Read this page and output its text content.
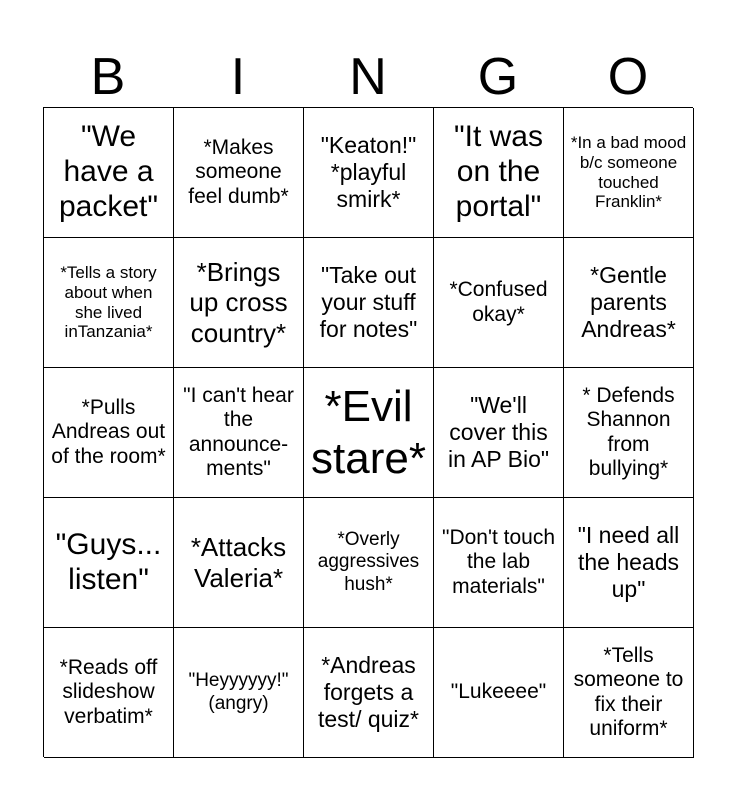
B	I	N	G	O
"We have a packet"
*Makes someone feel dumb*
"Keaton!" *playful smirk*
"It was on the portal"
*In a bad mood b/c someone touched Franklin*
*Tells a story about when she lived inTanzania*
*Brings up cross country*
"Take out your stuff for notes"
*Confused okay*
*Gentle parents Andreas*
*Pulls Andreas out of the room*
"I can't hear the announce-ments"
*Evil stare*
"We'll cover this in AP Bio"
* Defends Shannon from bullying*
"Guys... listen"
*Attacks Valeria*
*Overly aggressives hush*
"Don't touch the lab materials"
"I need all the heads up"
*Reads off slideshow verbatim*
"Heyyyyyy!" (angry)
*Andreas forgets a test/ quiz*
"Lukeeee"
*Tells someone to fix their uniform*
